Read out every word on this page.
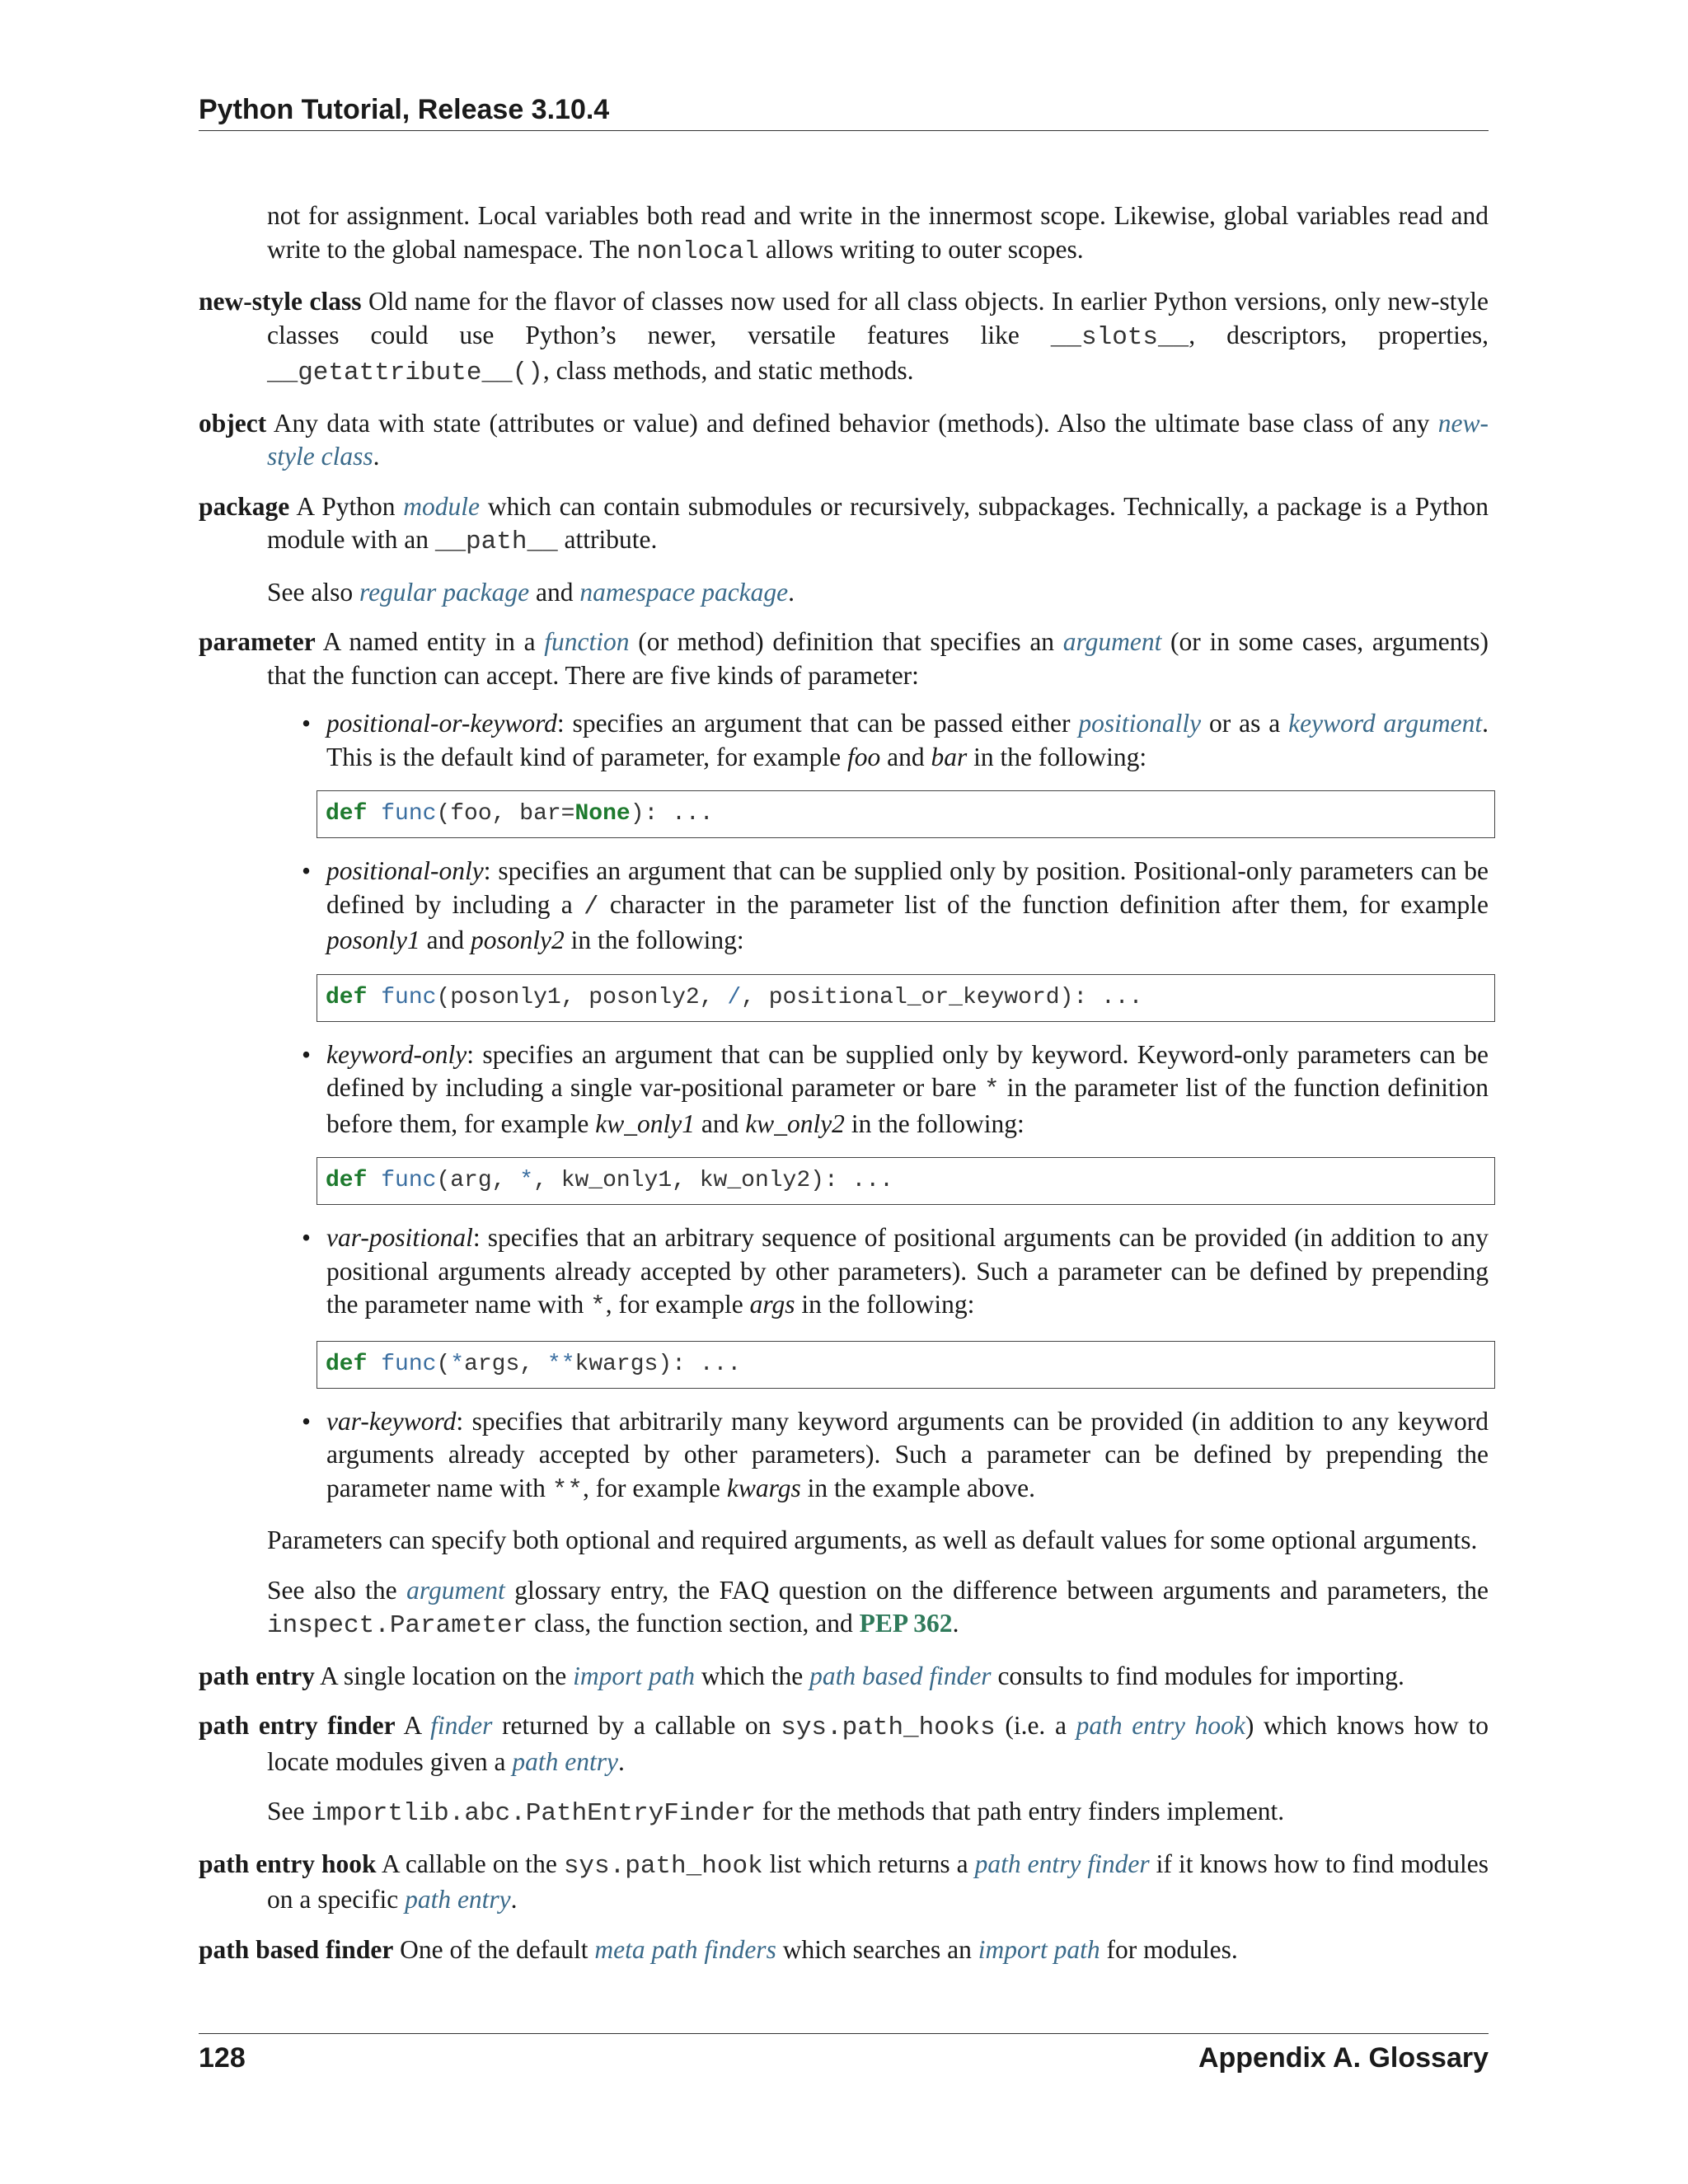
Python Tutorial, Release 3.10.4

not for assignment. Local variables both read and write in the innermost scope. Likewise, global variables read and write to the global namespace. The nonlocal allows writing to outer scopes.

new-style class Old name for the flavor of classes now used for all class objects. In earlier Python versions, only new-style classes could use Python’s newer, versatile features like __slots__, descriptors, properties, __getattribute__(), class methods, and static methods.

object Any data with state (attributes or value) and defined behavior (methods). Also the ultimate base class of any new-style class.

package A Python module which can contain submodules or recursively, subpackages. Technically, a package is a Python module with an __path__ attribute.

See also regular package and namespace package.

parameter A named entity in a function (or method) definition that specifies an argument (or in some cases, arguments) that the function can accept. There are five kinds of parameter:

• positional-or-keyword: specifies an argument that can be passed either positionally or as a keyword argument. This is the default kind of parameter, for example foo and bar in the following:
def func(foo, bar=None): ...
• positional-only: specifies an argument that can be supplied only by position. Positional-only parameters can be defined by including a / character in the parameter list of the function definition after them, for example posonly1 and posonly2 in the following:
def func(posonly1, posonly2, /, positional_or_keyword): ...
• keyword-only: specifies an argument that can be supplied only by keyword. Keyword-only parameters can be defined by including a single var-positional parameter or bare * in the parameter list of the function definition before them, for example kw_only1 and kw_only2 in the following:
def func(arg, *, kw_only1, kw_only2): ...
• var-positional: specifies that an arbitrary sequence of positional arguments can be provided (in addition to any positional arguments already accepted by other parameters). Such a parameter can be defined by prepending the parameter name with *, for example args in the following:
def func(*args, **kwargs): ...
• var-keyword: specifies that arbitrarily many keyword arguments can be provided (in addition to any keyword arguments already accepted by other parameters). Such a parameter can be defined by prepending the parameter name with **, for example kwargs in the example above.

Parameters can specify both optional and required arguments, as well as default values for some optional arguments.

See also the argument glossary entry, the FAQ question on the difference between arguments and parameters, the inspect.Parameter class, the function section, and PEP 362.

path entry A single location on the import path which the path based finder consults to find modules for importing.

path entry finder A finder returned by a callable on sys.path_hooks (i.e. a path entry hook) which knows how to locate modules given a path entry.

See importlib.abc.PathEntryFinder for the methods that path entry finders implement.

path entry hook A callable on the sys.path_hook list which returns a path entry finder if it knows how to find modules on a specific path entry.

path based finder One of the default meta path finders which searches an import path for modules.

128	Appendix A. Glossary
